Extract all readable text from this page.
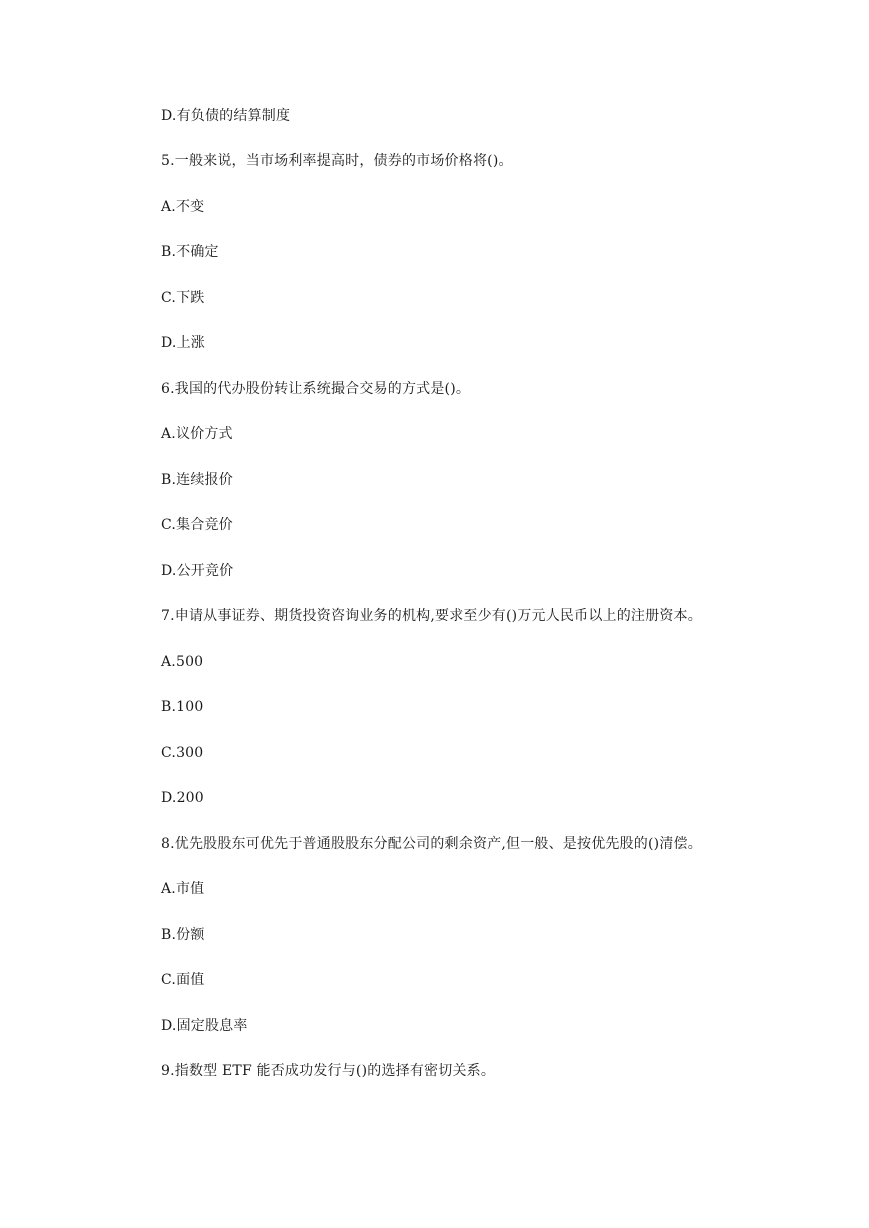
D.有负债的结算制度
5.一般来说，当市场利率提高时，债券的市场价格将()。
A.不变
B.不确定
C.下跌
D.上涨
6.我国的代办股份转让系统撮合交易的方式是()。
A.议价方式
B.连续报价
C.集合竞价
D.公开竞价
7.申请从事证券、期货投资咨询业务的机构,要求至少有()万元人民币以上的注册资本。
A.500
B.100
C.300
D.200
8.优先股股东可优先于普通股股东分配公司的剩余资产,但一般、是按优先股的()清偿。
A.市值
B.份额
C.面值
D.固定股息率
9.指数型 ETF 能否成功发行与()的选择有密切关系。
